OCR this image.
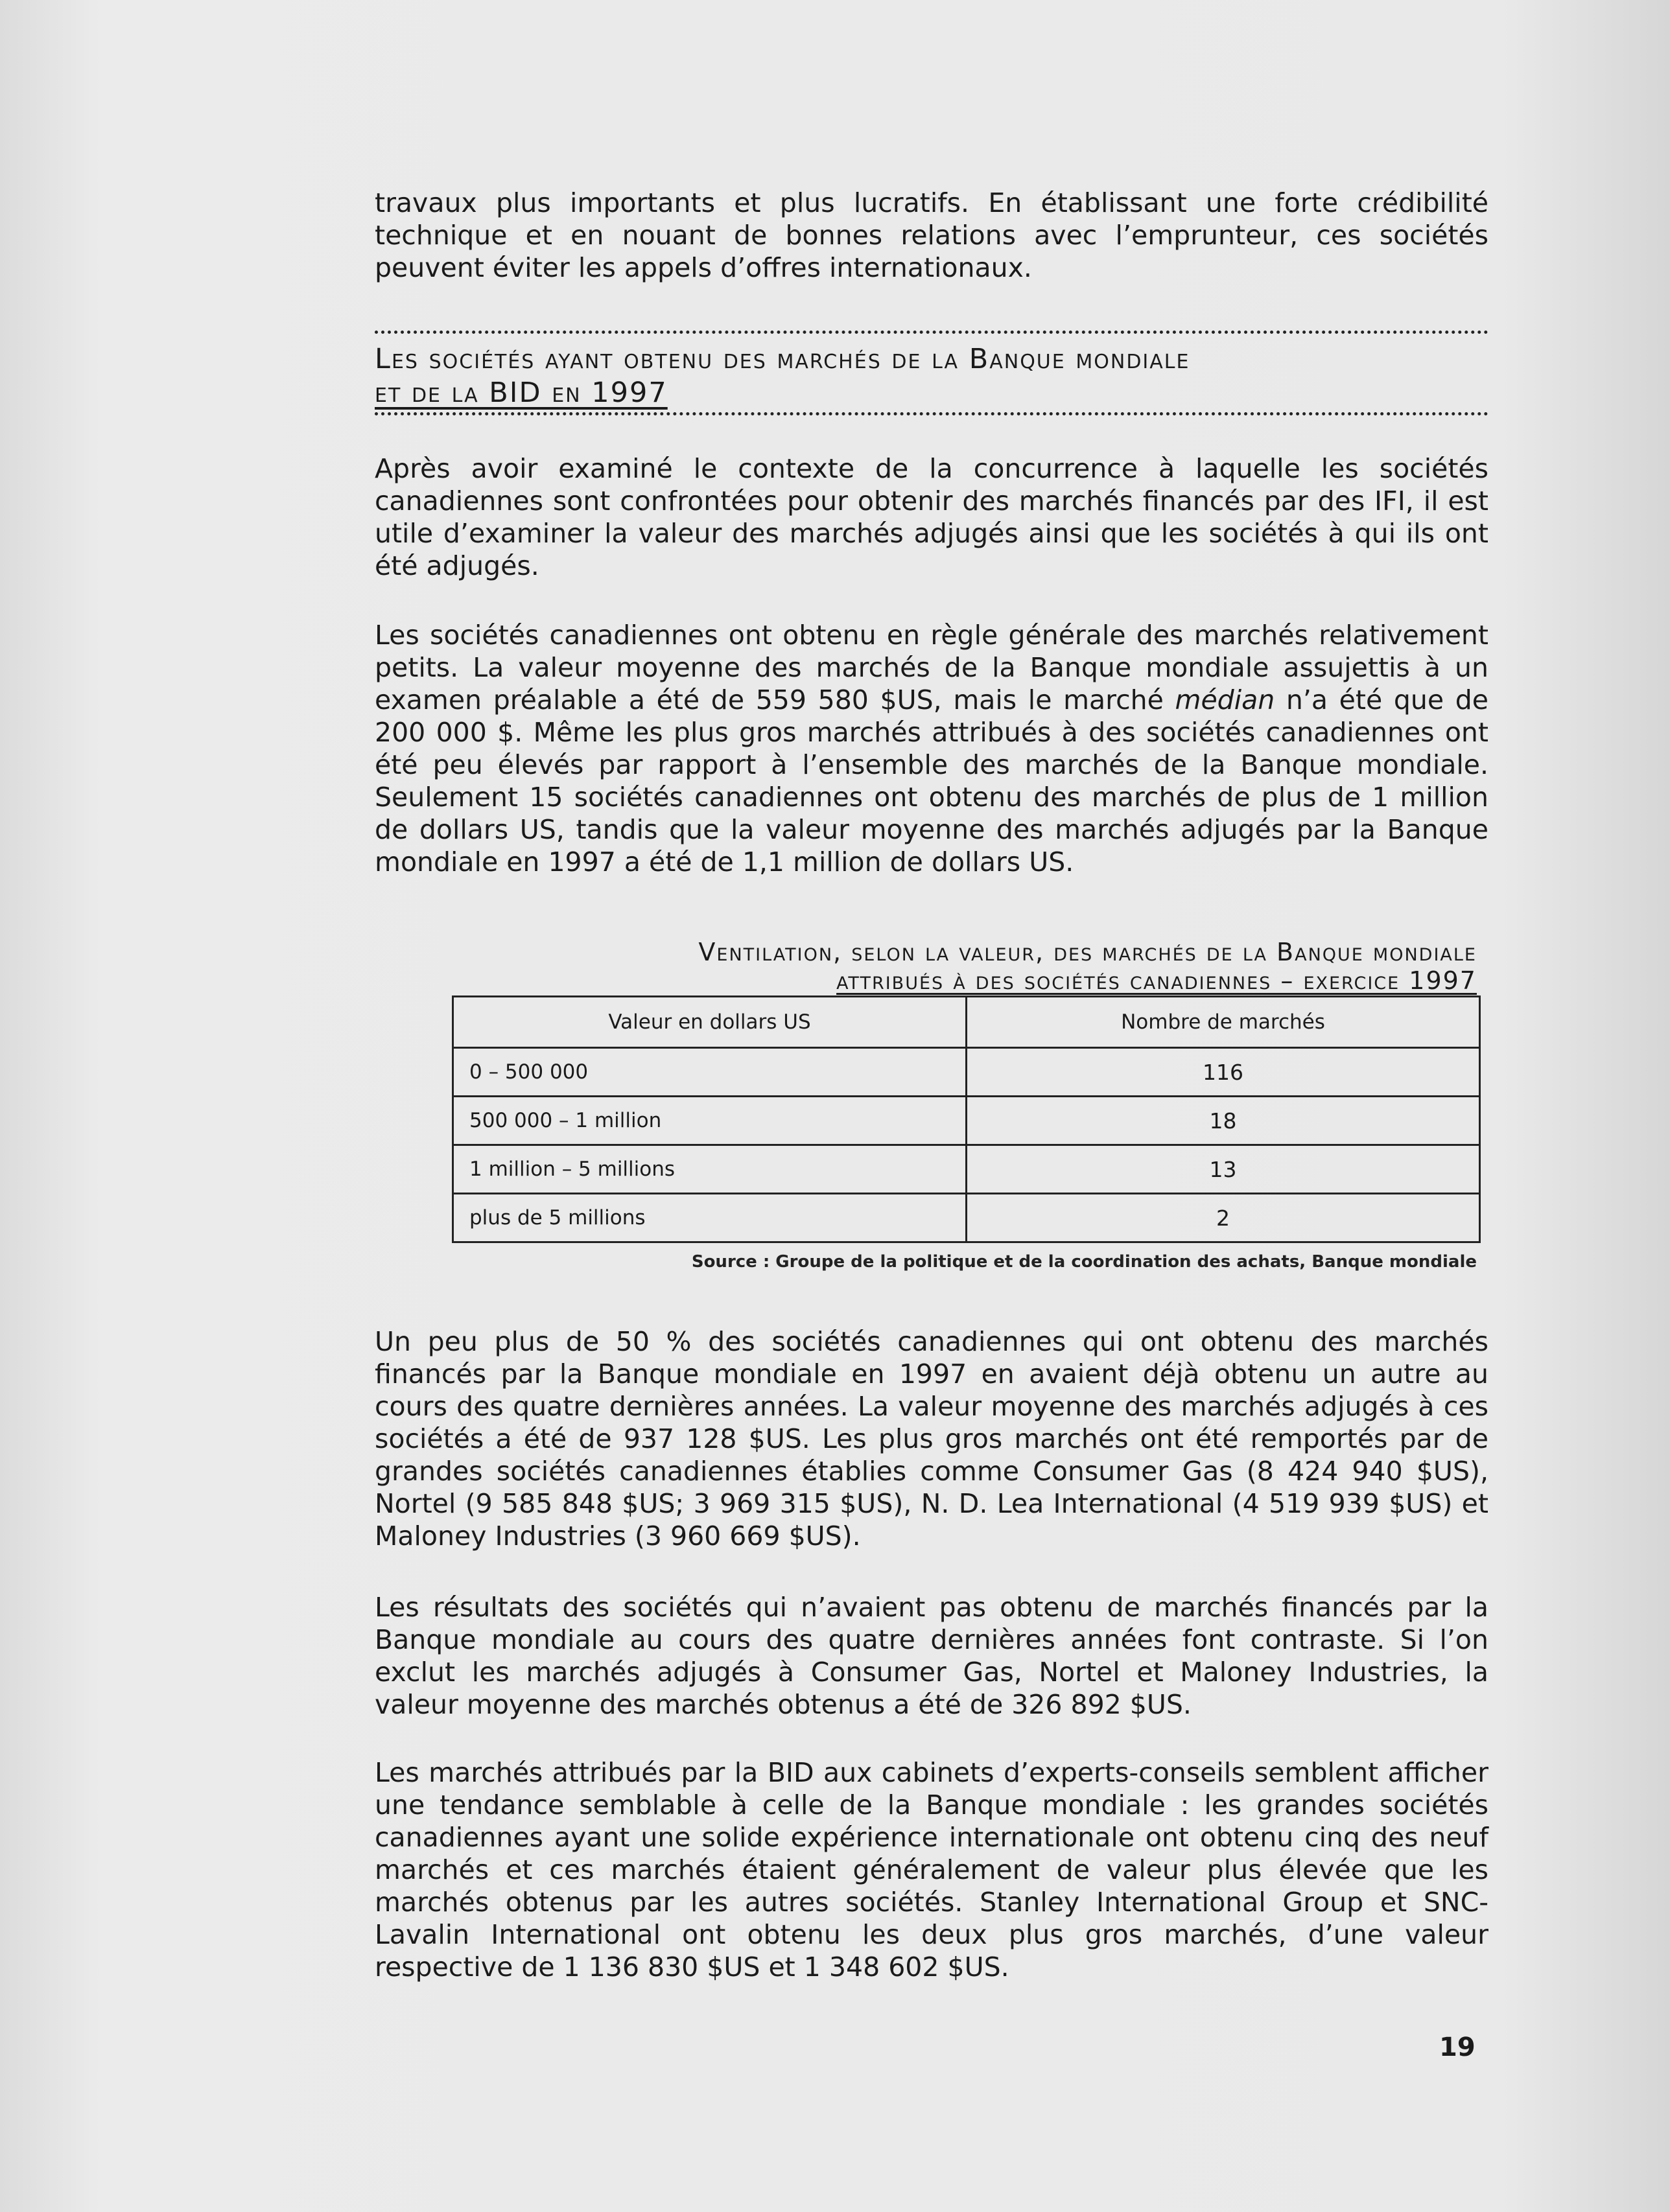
travaux plus importants et plus lucratifs. En établissant une forte crédibilité technique et en nouant de bonnes relations avec l’emprunteur, ces sociétés peuvent éviter les appels d’offres internationaux.

Les sociétés ayant obtenu des marchés de la Banque mondiale

et de la BID en 1997

Après avoir examiné le contexte de la concurrence à laquelle les sociétés canadiennes sont confrontées pour obtenir des marchés financés par des IFI, il est utile d’examiner la valeur des marchés adjugés ainsi que les sociétés à qui ils ont été adjugés.

Les sociétés canadiennes ont obtenu en règle générale des marchés relativement petits. La valeur moyenne des marchés de la Banque mondiale assujettis à un examen préalable a été de 559 580 $US, mais le marché médian n’a été que de 200 000 $. Même les plus gros marchés attribués à des sociétés canadiennes ont été peu élevés par rapport à l’ensemble des marchés de la Banque mondiale. Seulement 15 sociétés canadiennes ont obtenu des marchés de plus de 1 million de dollars US, tandis que la valeur moyenne des marchés adjugés par la Banque mondiale en 1997 a été de 1,1 million de dollars US.

Ventilation, selon la valeur, des marchés de la Banque mondiale

attribués à des sociétés canadiennes – exercice 1997

Valeur en dollars US	Nombre de marchés
0 – 500 000	116
500 000 – 1 million	18
1 million – 5 millions	13
plus de 5 millions	2
Source : Groupe de la politique et de la coordination des achats, Banque mondiale

Un peu plus de 50 % des sociétés canadiennes qui ont obtenu des marchés financés par la Banque mondiale en 1997 en avaient déjà obtenu un autre au cours des quatre dernières années. La valeur moyenne des marchés adjugés à ces sociétés a été de 937 128 $US. Les plus gros marchés ont été remportés par de grandes sociétés canadiennes établies comme Consumer Gas (8 424 940 $US), Nortel (9 585 848 $US; 3 969 315 $US), N. D. Lea International (4 519 939 $US) et Maloney Industries (3 960 669 $US).

Les résultats des sociétés qui n’avaient pas obtenu de marchés financés par la Banque mondiale au cours des quatre dernières années font contraste. Si l’on exclut les marchés adjugés à Consumer Gas, Nortel et Maloney Industries, la valeur moyenne des marchés obtenus a été de 326 892 $US.

Les marchés attribués par la BID aux cabinets d’experts-conseils semblent afficher une tendance semblable à celle de la Banque mondiale : les grandes sociétés canadiennes ayant une solide expérience internationale ont obtenu cinq des neuf marchés et ces marchés étaient généralement de valeur plus élevée que les marchés obtenus par les autres sociétés. Stanley International Group et SNC-Lavalin International ont obtenu les deux plus gros marchés, d’une valeur respective de 1 136 830 $US et 1 348 602 $US.

19
